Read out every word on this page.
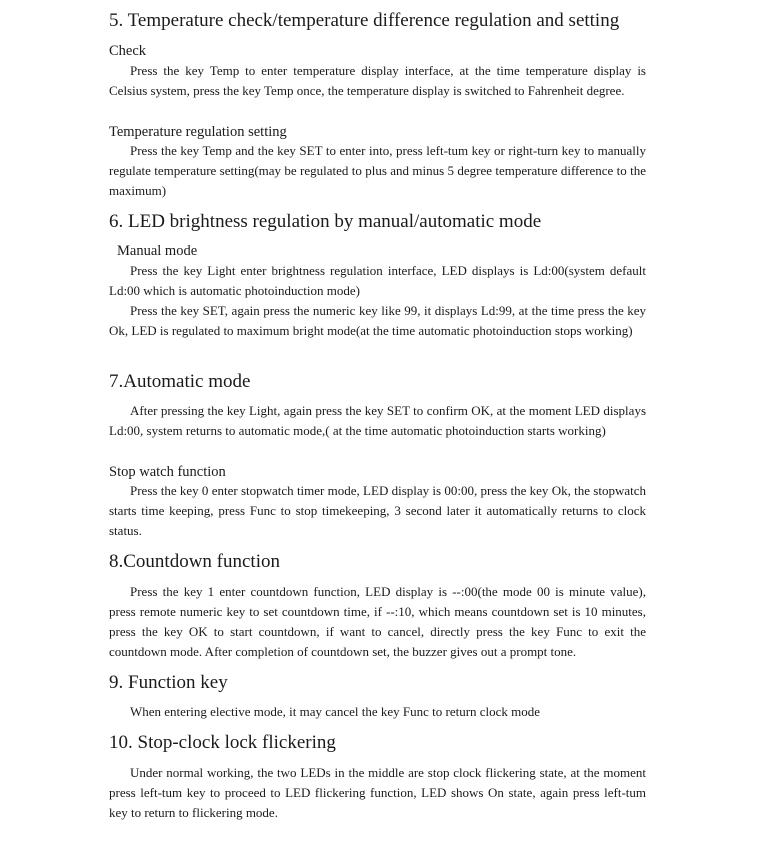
5. Temperature check/temperature difference regulation and setting
Check

Press the key Temp to enter temperature display interface, at the time temperature display is Celsius system, press the key Temp once, the temperature display is switched to Fahrenheit degree.

Temperature regulation setting

Press the key Temp and the key SET to enter into, press left-tum key or right-turn key to manually regulate temperature setting(may be regulated to plus and minus 5 degree temperature difference to the maximum)

6. LED brightness regulation by manual/automatic mode
Manual mode

Press the key Light enter brightness regulation interface, LED displays is Ld:00(system default Ld:00 which is automatic photoinduction mode)

Press the key SET, again press the numeric key like 99, it displays Ld:99, at the time press the key Ok, LED is regulated to maximum bright mode(at the time automatic photoinduction stops working)

7.Automatic mode

After pressing the key Light, again press the key SET to confirm OK, at the moment LED displays Ld:00, system returns to automatic mode,( at the time automatic photoinduction starts working)

Stop watch function

Press the key 0 enter stopwatch timer mode, LED display is 00:00, press the key Ok, the stopwatch starts time keeping, press Func to stop timekeeping, 3 second later it automatically returns to clock status.

8.Countdown function

Press the key 1 enter countdown function, LED display is --:00(the mode 00 is minute value), press remote numeric key to set countdown time, if --:10, which means countdown set is 10 minutes, press the key OK to start countdown, if want to cancel, directly press the key Func to exit the countdown mode. After completion of countdown set, the buzzer gives out a prompt tone.

9. Function key

When entering elective mode, it may cancel the key Func to return clock mode

10. Stop-clock lock flickering

Under normal working, the two LEDs in the middle are stop clock flickering state, at the moment press left-tum key to proceed to LED flickering function, LED shows On state, again press left-tum key to return to flickering mode.
